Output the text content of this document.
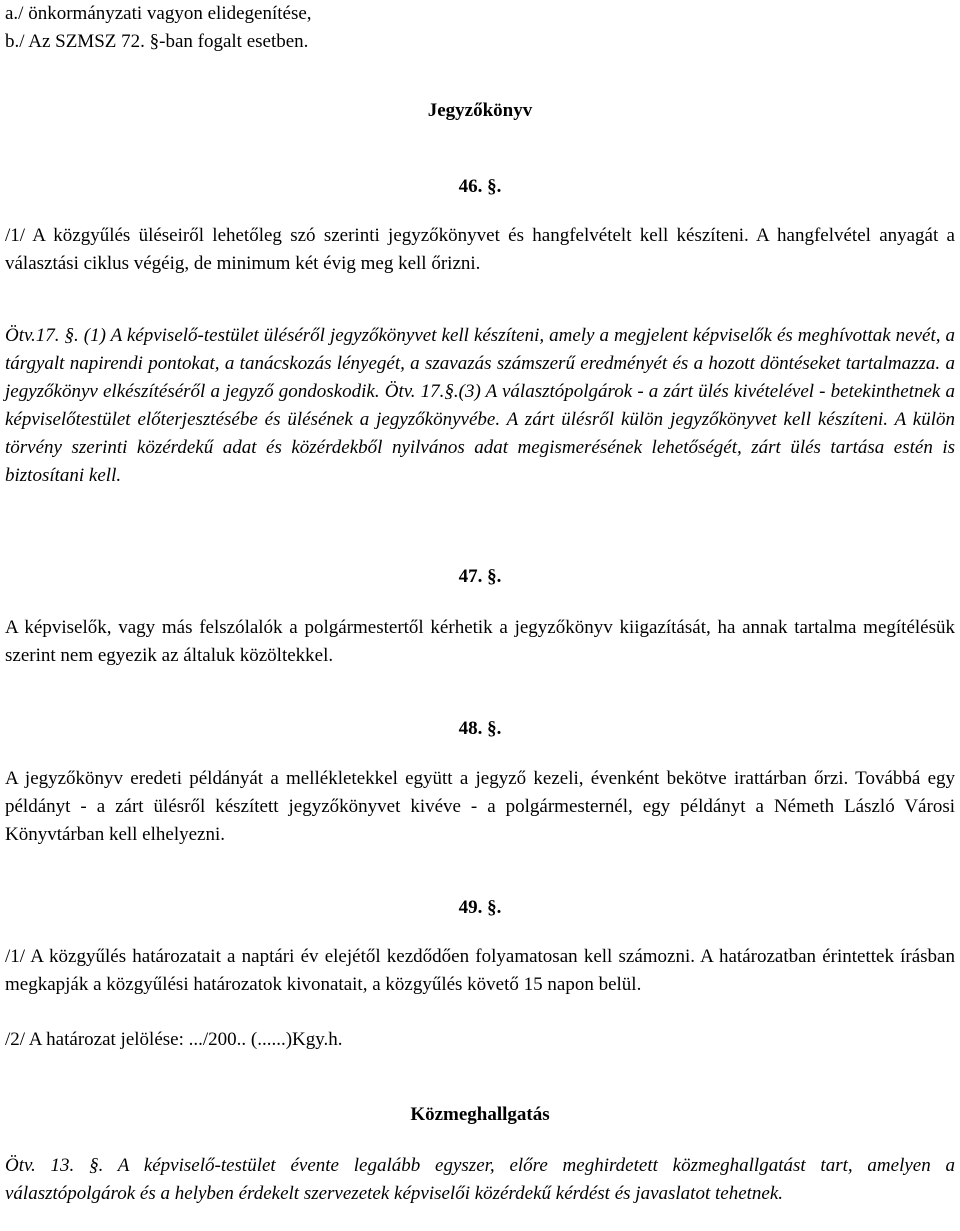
a./ önkormányzati vagyon elidegenítése,

b./ Az SZMSZ 72. §-ban fogalt esetben.

Jegyzőkönyv

46. §.

/1/ A közgyűlés üléseiről lehetőleg szó szerinti jegyzőkönyvet és hangfelvételt kell készíteni. A hangfelvétel anyagát a választási ciklus végéig, de minimum két évig meg kell őrizni.

Ötv.17. §. (1) A képviselő-testület üléséről jegyzőkönyvet kell készíteni, amely a megjelent képviselők és meghívottak nevét, a tárgyalt napirendi pontokat, a tanácskozás lényegét, a szavazás számszerű eredményét és a hozott döntéseket tartalmazza. a jegyzőkönyv elkészítéséről a jegyző gondoskodik. Ötv. 17.§.(3) A választópolgárok - a zárt ülés kivételével - betekinthetnek a képviselőtestület előterjesztésébe és ülésének a jegyzőkönyvébe. A zárt ülésről külön jegyzőkönyvet kell készíteni. A külön törvény szerinti közérdekű adat és közérdekből nyilvános adat megismerésének lehetőségét, zárt ülés tartása estén is biztosítani kell.

47. §.

A képviselők, vagy más felszólalók a polgármestertől kérhetik a jegyzőkönyv kiigazítását, ha annak tartalma megítélésük szerint nem egyezik az általuk közöltekkel.

48. §.

A jegyzőkönyv eredeti példányát a mellékletekkel együtt a jegyző kezeli, évenként bekötve irattárban őrzi. Továbbá egy példányt - a zárt ülésről készített jegyzőkönyvet kivéve - a polgármesternél, egy példányt a Németh László Városi Könyvtárban kell elhelyezni.

49. §.

/1/ A közgyűlés határozatait a naptári év elejétől kezdődően folyamatosan kell számozni. A határozatban érintettek írásban megkapják a közgyűlési határozatok kivonatait, a közgyűlés követő 15 napon belül.

/2/ A határozat jelölése: .../200.. (......)Kgy.h.

Közmeghallgatás

Ötv. 13. §. A képviselő-testület évente legalább egyszer, előre meghirdetett közmeghallgatást tart, amelyen a választópolgárok és a helyben érdekelt szervezetek képviselői közérdekű kérdést és javaslatot tehetnek.
